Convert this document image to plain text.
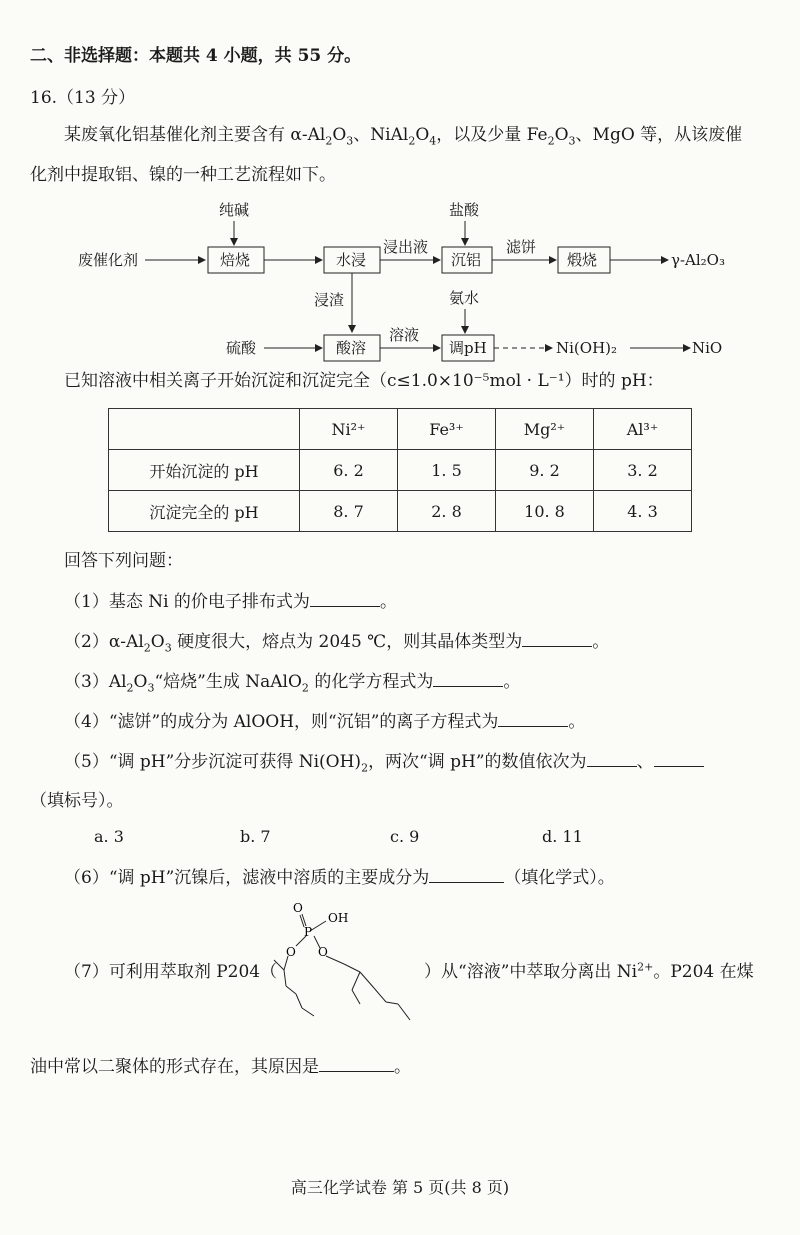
二、非选择题：本题共 4 小题，共 55 分。
16.（13 分）
某废氧化铝基催化剂主要含有 $\alpha-Al_2O_3$、$NiAl_2O_4$，以及少量 $Fe_2O_3$、MgO 等，从该废催
化剂中提取铝、镍的一种工艺流程如下。
废催化剂
纯碱
焙烧	水浸
浸出液
盐酸
沉铝
滤饼
煅烧	γ-Al₂O₃
浸渣
硫酸	酸溶
溶液
氨水
调pH	Ni(OH)₂	NiO
已知溶液中相关离子开始沉淀和沉淀完全（c≤1.0×10⁻⁵mol · L⁻¹）时的 pH：
	Ni²⁺	Fe³⁺	Mg²⁺	Al³⁺
开始沉淀的 pH	6. 2	1. 5	9. 2	3. 2
沉淀完全的 pH	8. 7	2. 8	10. 8	4. 3
回答下列问题：
（1）基态 Ni 的价电子排布式为	。
$(2)\alpha-Al_2O_3$ 硬度很大，熔点为 2045 ℃，则其晶体类型为	。
$(3)Al_2O_3“$焙烧”生成 NaAlO$_2$ 的化学方程式为	。
（4）“滤饼”的成分为 AlOOH，则“沉铝”的离子方程式为	。
（5）“调 pH”分步沉淀可获得 $Ni(OH)_2$，两次“调 pH”的数值依次为	、
（填标号）。
a. 3	b. 7	c. 9	d. 11
（6）“调 pH”沉镍后，滤液中溶质的主要成分为	（填化学式）。
（7）可利用萃取剂 P204（
O
OH
P
O O
）从“溶液”中萃取分离出 $Ni^{2+}$。P204 在煤
油中常以二聚体的形式存在，其原因是	。
高三化学试卷 第 5 页(共 8 页)
